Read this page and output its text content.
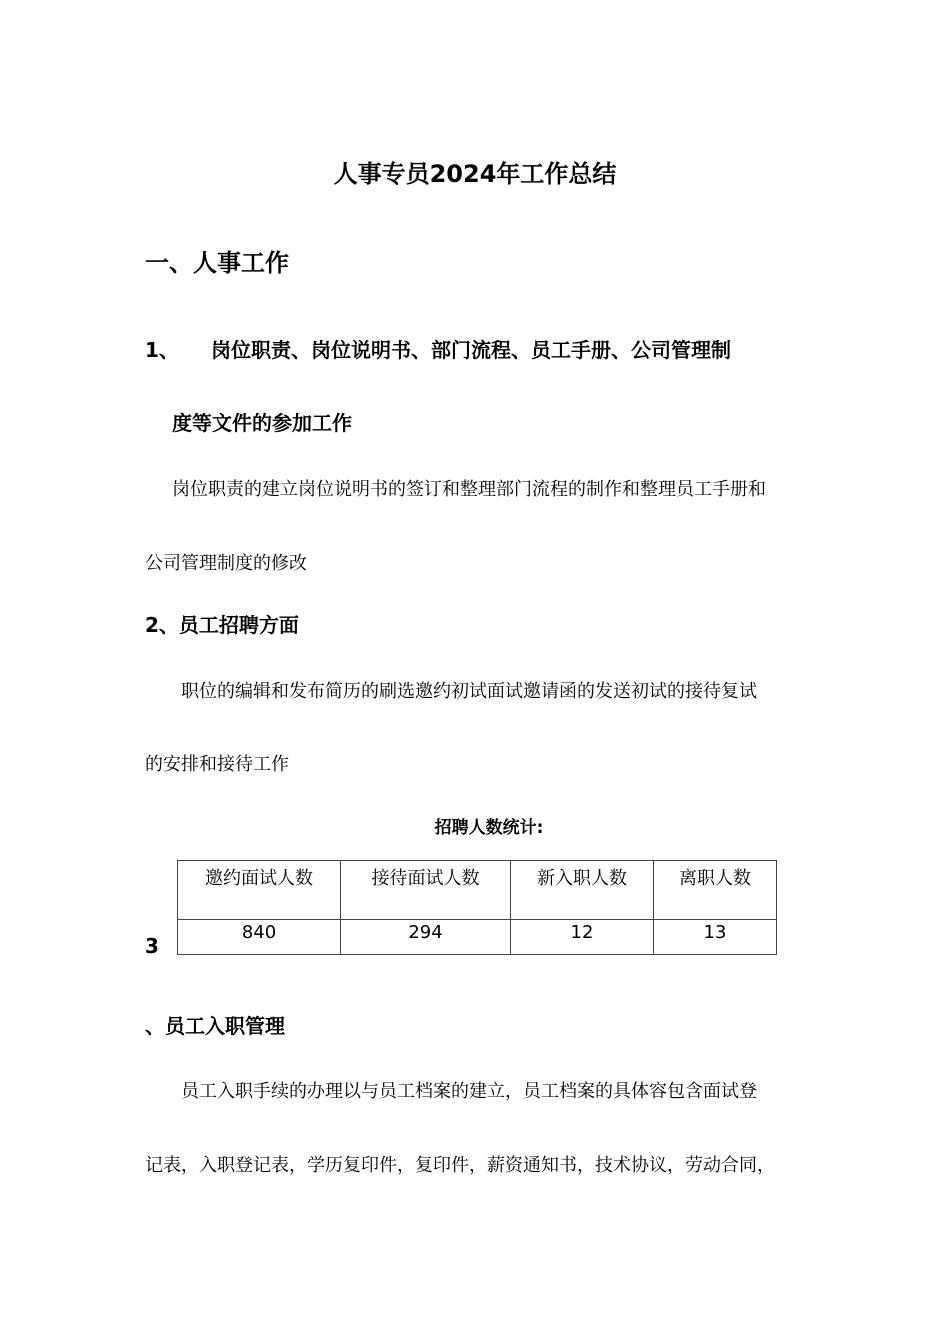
人事专员2024年工作总结
一、人事工作
1、 岗位职责、岗位说明书、部门流程、员工手册、公司管理制
度等文件的参加工作
岗位职责的建立岗位说明书的签订和整理部门流程的制作和整理员工手册和
公司管理制度的修改
2、员工招聘方面
职位的编辑和发布简历的刷选邀约初试面试邀请函的发送初试的接待复试
的安排和接待工作
招聘人数统计:
邀约面试人数	接待面试人数	新入职人数	离职人数
840	294	12	13
3
、员工入职管理
员工入职手续的办理以与员工档案的建立，员工档案的具体容包含面试登
记表，入职登记表，学历复印件，复印件，薪资通知书，技术协议，劳动合同，
